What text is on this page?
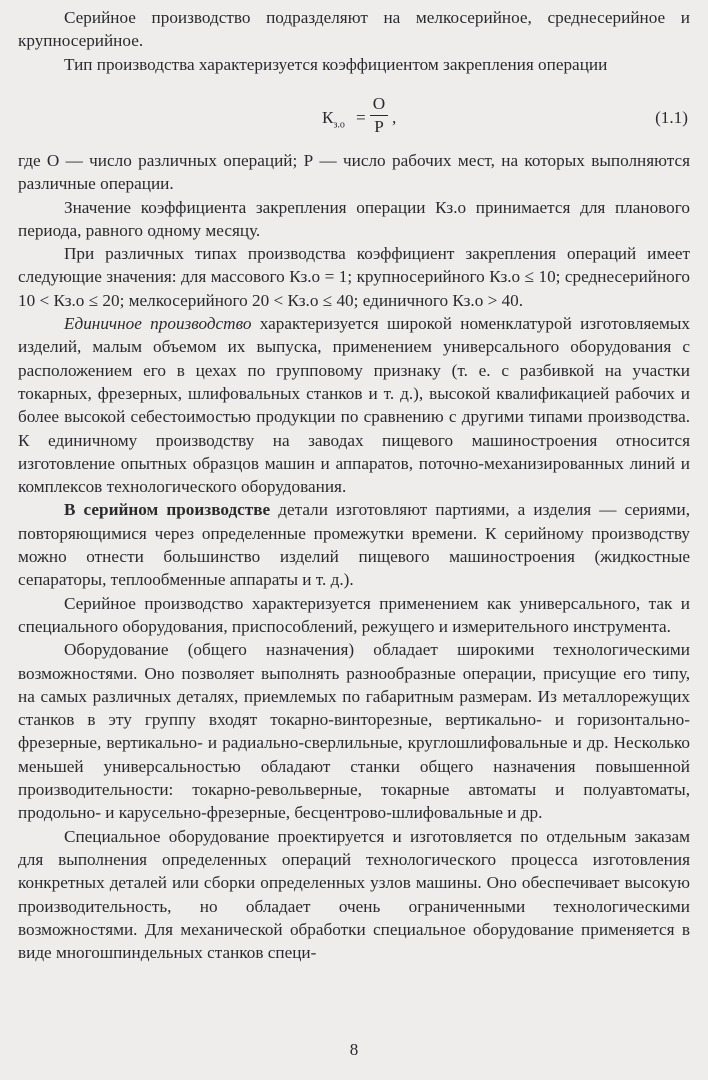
Серийное производство подразделяют на мелкосерийное, среднесерийное и крупносерийное.

Тип производства характеризуется коэффициентом закрепления операции

$К_{з.о}$ =
О
Р ,	(1.1)

где О — число различных операций; Р — число рабочих мест, на которых выполняются различные операции.

Значение коэффициента закрепления операции Кз.о принимается для планового периода, равного одному месяцу.

При различных типах производства коэффициент закрепления операций имеет следующие значения: для массового Кз.о = 1; крупносерийного Кз.о ≤ 10; среднесерийного 10 < Кз.о ≤ 20; мелкосерийного 20 < Кз.о ≤ 40; единичного Кз.о > 40.

Единичное производство характеризуется широкой номенклатурой изготовляемых изделий, малым объемом их выпуска, применением универсального оборудования с расположением его в цехах по групповому признаку (т. е. с разбивкой на участки токарных, фрезерных, шлифовальных станков и т. д.), высокой квалификацией рабочих и более высокой себестоимостью продукции по сравнению с другими типами производства. К единичному производству на заводах пищевого машиностроения относится изготовление опытных образцов машин и аппаратов, поточно-механизированных линий и комплексов технологического оборудования.

В серийном производстве детали изготовляют партиями, а изделия — сериями, повторяющимися через определенные промежутки времени. К серийному производству можно отнести большинство изделий пищевого машиностроения (жидкостные сепараторы, теплообменные аппараты и т. д.).

Серийное производство характеризуется применением как универсального, так и специального оборудования, приспособлений, режущего и измерительного инструмента.

Оборудование (общего назначения) обладает широкими технологическими возможностями. Оно позволяет выполнять разнообразные операции, присущие его типу, на самых различных деталях, приемлемых по габаритным размерам. Из металлорежущих станков в эту группу входят токарно-винторезные, вертикально- и горизонтально-фрезерные, вертикально- и радиально-сверлильные, круглошлифовальные и др. Несколько меньшей универсальностью обладают станки общего назначения повышенной производительности: токарно-револьверные, токарные автоматы и полуавтоматы, продольно- и карусельно-фрезерные, бесцентрово-шлифовальные и др.

Специальное оборудование проектируется и изготовляется по отдельным заказам для выполнения определенных операций технологического процесса изготовления конкретных деталей или сборки определенных узлов машины. Оно обеспечивает высокую производительность, но обладает очень ограниченными технологическими возможностями. Для механической обработки специальное оборудование применяется в виде многошпиндельных станков специ-

8
